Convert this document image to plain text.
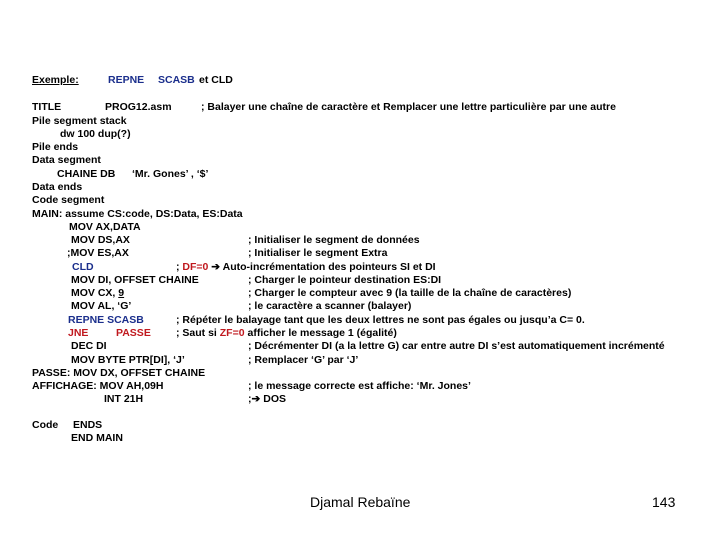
Exemple:	REPNE SCASB et CLD
TITLE	PROG12.asm	; Balayer une chaîne de caractère et Remplacer une lettre particulière par une autre
Pile segment stack
dw 100 dup(?)
Pile ends
Data segment
CHAINE DB ‘Mr. Gones’ , ‘$’
Data ends
Code segment
MAIN: assume CS:code, DS:Data, ES:Data
MOV AX,DATA
MOV DS,AX	; Initialiser le segment de données
;MOV ES,AX	; Initialiser le segment Extra
CLD	; DF=0 ➔ Auto-incrémentation des pointeurs SI et DI
MOV DI, OFFSET CHAINE	; Charger le pointeur destination ES:DI
MOV CX, 9	; Charger le compteur avec 9 (la taille de la chaîne de caractères)
MOV AL, ‘G’	; le caractère a scanner (balayer)
REPNE SCASB	; Répéter le balayage tant que les deux lettres ne sont pas égales ou jusqu’a C= 0.
JNE	PASSE ; Saut si ZF=0 afficher le message 1 (égalité)
DEC DI	; Décrémenter DI (a la lettre G) car entre autre DI s’est automatiquement incrémenté
MOV BYTE PTR[DI], ‘J’	; Remplacer ‘G’ par ‘J’
PASSE: MOV DX, OFFSET CHAINE
AFFICHAGE: MOV AH,09H	; le message correcte est affiche: ‘Mr. Jones’
INT 21H	;➔ DOS
Code ENDS
END MAIN
Djamal Rebaïne	143
